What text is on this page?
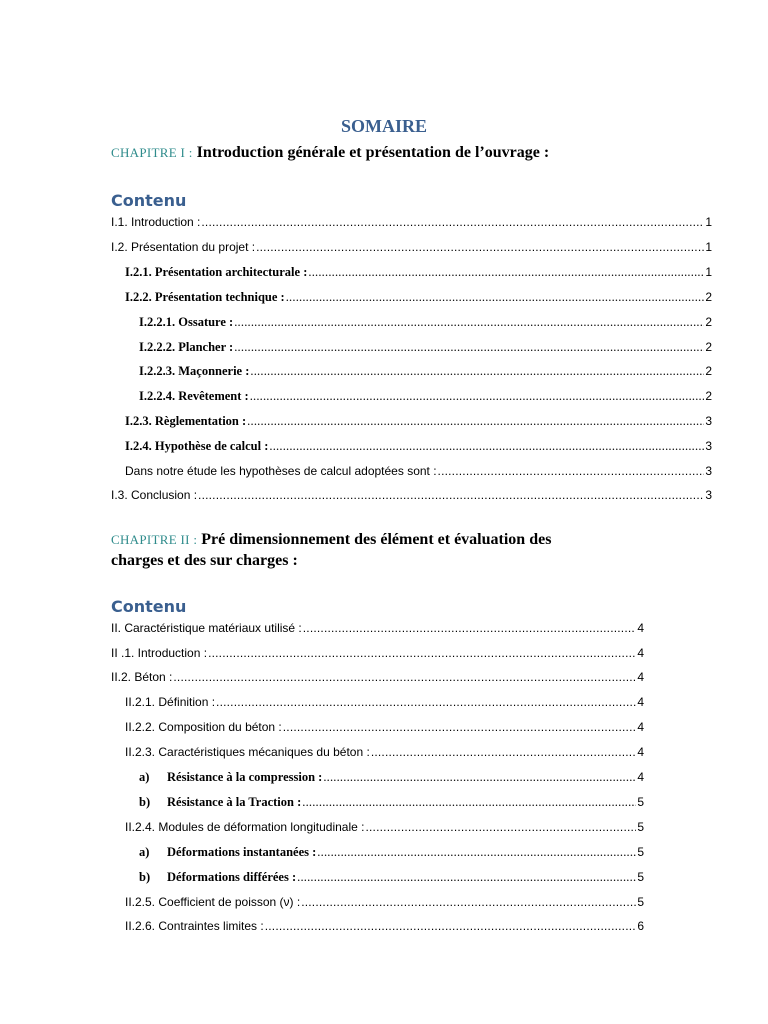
SOMAIRE
CHAPITRE I : Introduction générale et présentation de l’ouvrage :
Contenu
I.1. Introduction : .....	1
I.2. Présentation du projet : .....	1
I.2.1. Présentation architecturale : .....	1
I.2.2. Présentation technique : .....	2
I.2.2.1. Ossature : .....	2
I.2.2.2. Plancher : .....	2
I.2.2.3. Maçonnerie : .....	2
I.2.2.4. Revêtement : .....	2
I.2.3. Règlementation : .....	3
I.2.4. Hypothèse de calcul : .....	3
Dans notre étude les hypothèses de calcul adoptées sont : .....	3
I.3. Conclusion : .....	3
CHAPITRE II : Pré dimensionnement des élément et évaluation des
charges et des sur charges :
Contenu
II. Caractéristique matériaux utilisé : .....	4
II .1. Introduction : .....	4
II.2. Béton : .....	4
II.2.1. Définition : .....	4
II.2.2. Composition du béton : .....	4
II.2.3. Caractéristiques mécaniques du béton : .....	4
a) Résistance à la compression : .....	4
b) Résistance à la Traction : .....	5
II.2.4. Modules de déformation longitudinale : .....	5
a) Déformations instantanées : .....	5
b) Déformations différées : .....	5
II.2.5. Coefficient de poisson (ν) : .....	5
II.2.6. Contraintes limites : .....	6
